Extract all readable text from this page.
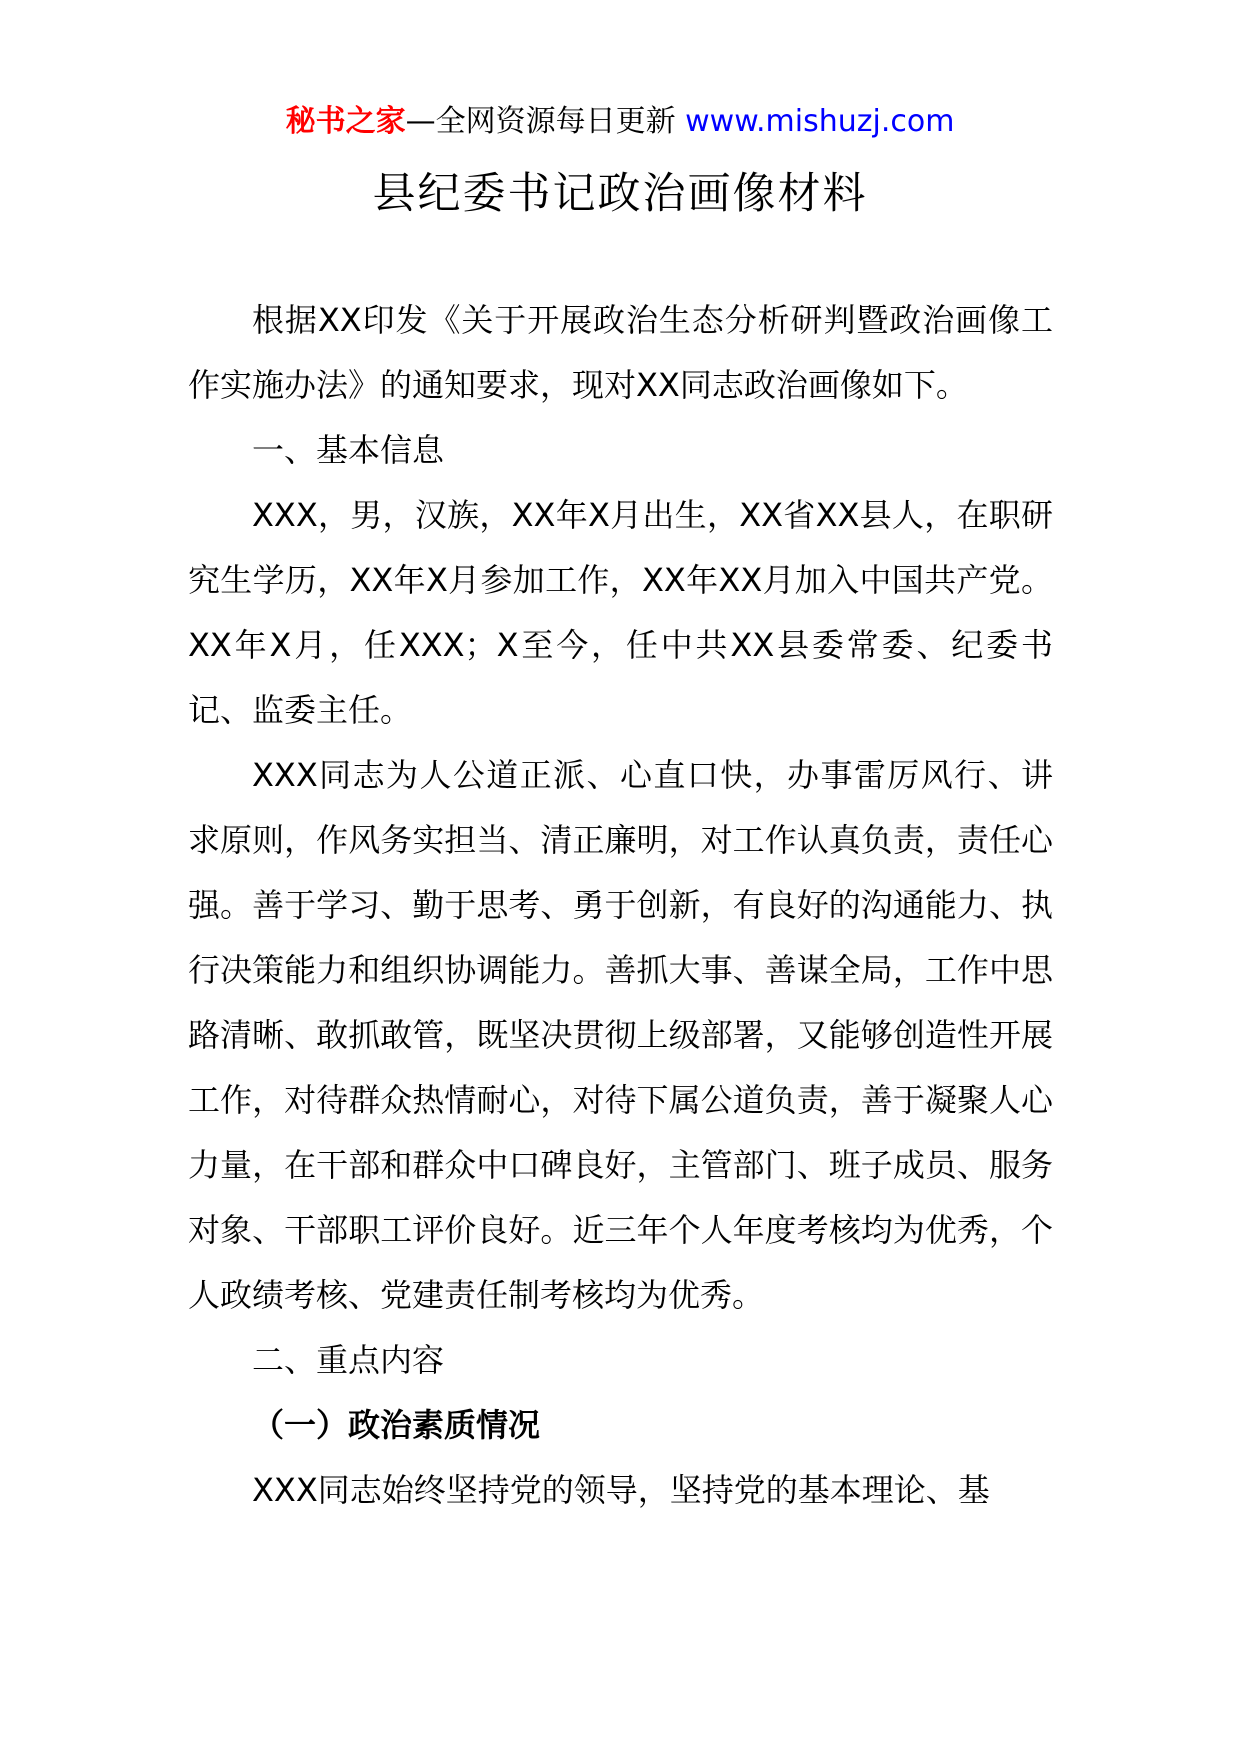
秘书之家—全网资源每日更新 www.mishuzj.com
县纪委书记政治画像材料

根据XX印发《关于开展政治生态分析研判暨政治画像工作实施办法》的通知要求，现对XX同志政治画像如下。

一、基本信息

XXX，男，汉族，XX年X月出生，XX省XX县人，在职研究生学历，XX年X月参加工作，XX年XX月加入中国共产党。XX年X月，任XXX；X至今，任中共XX县委常委、纪委书记、监委主任。

XXX同志为人公道正派、心直口快，办事雷厉风行、讲求原则，作风务实担当、清正廉明，对工作认真负责，责任心强。善于学习、勤于思考、勇于创新，有良好的沟通能力、执行决策能力和组织协调能力。善抓大事、善谋全局，工作中思路清晰、敢抓敢管，既坚决贯彻上级部署，又能够创造性开展工作，对待群众热情耐心，对待下属公道负责，善于凝聚人心力量，在干部和群众中口碑良好，主管部门、班子成员、服务对象、干部职工评价良好。近三年个人年度考核均为优秀，个人政绩考核、党建责任制考核均为优秀。

二、重点内容

（一）政治素质情况

XXX同志始终坚持党的领导，坚持党的基本理论、基
